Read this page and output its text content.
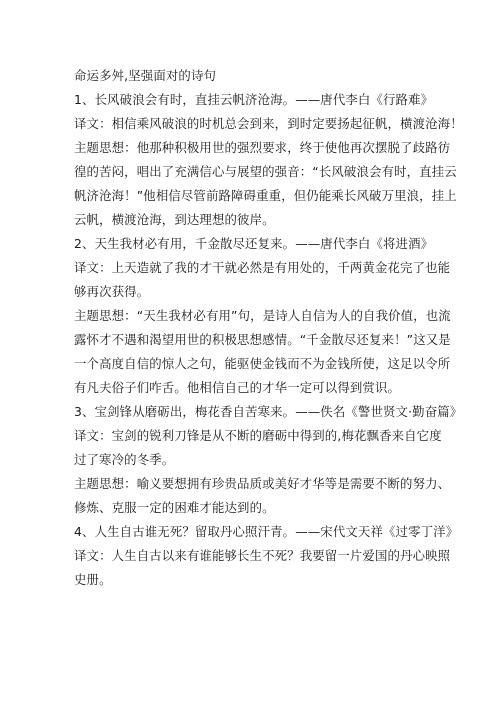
命运多舛,坚强面对的诗句
1、长风破浪会有时，直挂云帆济沧海。——唐代李白《行路难》
译文：相信乘风破浪的时机总会到来，到时定要扬起征帆，横渡沧海！
主题思想：他那种积极用世的强烈要求，终于使他再次摆脱了歧路彷
徨的苦闷，唱出了充满信心与展望的强音：“长风破浪会有时，直挂云
帆济沧海！”他相信尽管前路障碍重重，但仍能乘长风破万里浪，挂上
云帆，横渡沧海，到达理想的彼岸。
2、天生我材必有用，千金散尽还复来。——唐代李白《将进酒》
译文：上天造就了我的才干就必然是有用处的，千两黄金花完了也能
够再次获得。
主题思想：“天生我材必有用”句，是诗人自信为人的自我价值，也流
露怀才不遇和渴望用世的积极思想感情。“千金散尽还复来！”这又是
一个高度自信的惊人之句，能驱使金钱而不为金钱所使，这足以令所
有凡夫俗子们咋舌。他相信自己的才华一定可以得到赏识。
3、宝剑锋从磨砺出，梅花香自苦寒来。——佚名《警世贤文·勤奋篇》
译文：宝剑的锐利刀锋是从不断的磨砺中得到的,梅花飘香来自它度
过了寒冷的冬季。
主题思想：喻义要想拥有珍贵品质或美好才华等是需要不断的努力、
修炼、克服一定的困难才能达到的。
4、人生自古谁无死？留取丹心照汗青。——宋代文天祥《过零丁洋》
译文：人生自古以来有谁能够长生不死？我要留一片爱国的丹心映照
史册。
